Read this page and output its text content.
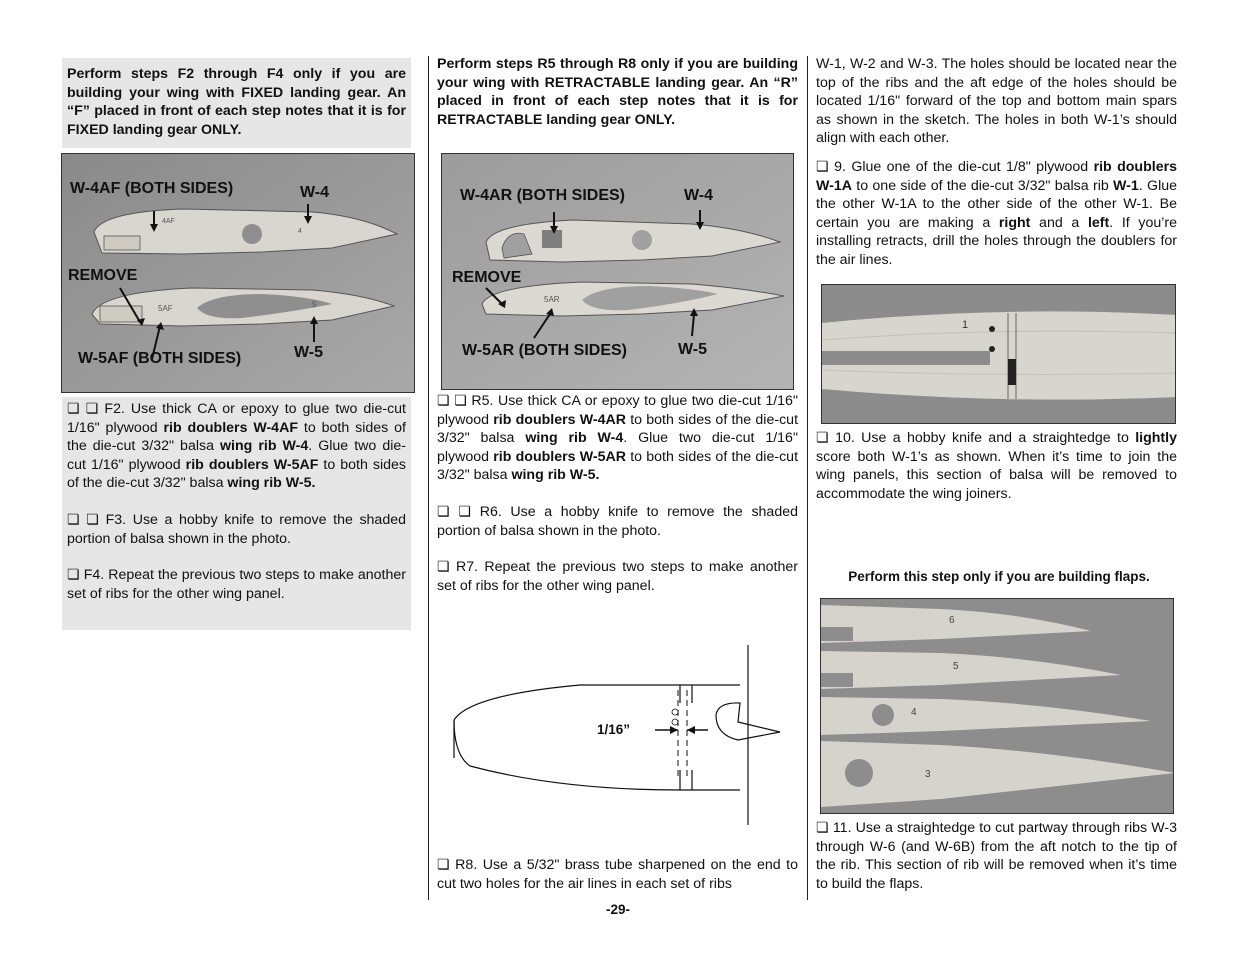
Perform steps F2 through F4 only if you are building your wing with FIXED landing gear. An “F” placed in front of each step notes that it is for FIXED landing gear ONLY.
W-4AF (BOTH SIDES)	W-4
REMOVE
W-5AF (BOTH SIDES)	W-5
4AF
5AF
4
5
❏ ❏ F2. Use thick CA or epoxy to glue two die-cut 1/16" plywood rib doublers W-4AF to both sides of the die-cut 3/32" balsa wing rib W-4. Glue two die-cut 1/16" plywood rib doublers W-5AF to both sides of the die-cut 3/32" balsa wing rib W-5.
❏ ❏ F3. Use a hobby knife to remove the shaded portion of balsa shown in the photo.
❏ F4. Repeat the previous two steps to make another set of ribs for the other wing panel.
Perform steps R5 through R8 only if you are building your wing with RETRACTABLE landing gear. An “R” placed in front of each step notes that it is for RETRACTABLE landing gear ONLY.
W-4AR (BOTH SIDES)	W-4
REMOVE
W-5AR (BOTH SIDES)	W-5
5AR
❏ ❏ R5. Use thick CA or epoxy to glue two die-cut 1/16" plywood rib doublers W-4AR to both sides of the die-cut 3/32" balsa wing rib W-4. Glue two die-cut 1/16" plywood rib doublers W-5AR to both sides of the die-cut 3/32" balsa wing rib W-5.
❏ ❏ R6. Use a hobby knife to remove the shaded portion of balsa shown in the photo.
❏ R7. Repeat the previous two steps to make another set of ribs for the other wing panel.
1/16”
❏ R8. Use a 5/32" brass tube sharpened on the end to cut two holes for the air lines in each set of ribs
W-1, W-2 and W-3. The holes should be located near the top of the ribs and the aft edge of the holes should be located 1/16" forward of the top and bottom main spars as shown in the sketch. The holes in both W-1’s should align with each other.
❏ 9. Glue one of the die-cut 1/8" plywood rib doublers W-1A to one side of the die-cut 3/32" balsa rib W-1. Glue the other W-1A to the other side of the other W-1. Be certain you are making a right and a left. If you’re installing retracts, drill the holes through the doublers for the air lines.
1
❏ 10. Use a hobby knife and a straightedge to lightly score both W-1’s as shown. When it’s time to join the wing panels, this section of balsa will be removed to accommodate the wing joiners.
Perform this step only if you are building flaps.
6
5
4
3
❏ 11. Use a straightedge to cut partway through ribs W-3 through W-6 (and W-6B) from the aft notch to the tip of the rib. This section of rib will be removed when it’s time to build the flaps.
-29-
